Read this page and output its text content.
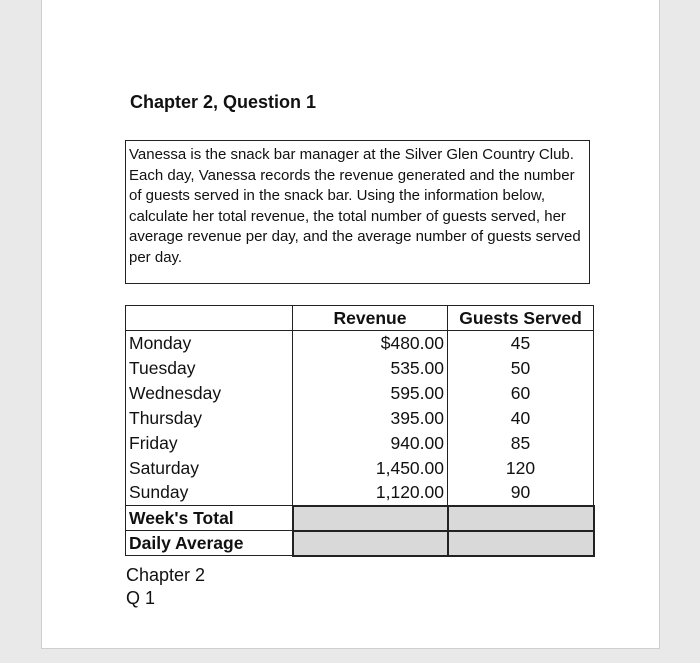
Chapter 2, Question 1
Vanessa is the snack bar manager at the Silver Glen Country Club. Each day, Vanessa records the revenue generated and the number of guests served in the snack bar. Using the information below, calculate her total revenue, the total number of guests served, her average revenue per day, and the average number of guests served per day.
	Revenue	Guests Served
Monday	$480.00	45
Tuesday	535.00	50
Wednesday	595.00	60
Thursday	395.00	40
Friday	940.00	85
Saturday	1,450.00	120
Sunday	1,120.00	90
Week's Total		
Daily Average		
Chapter 2
Q 1
